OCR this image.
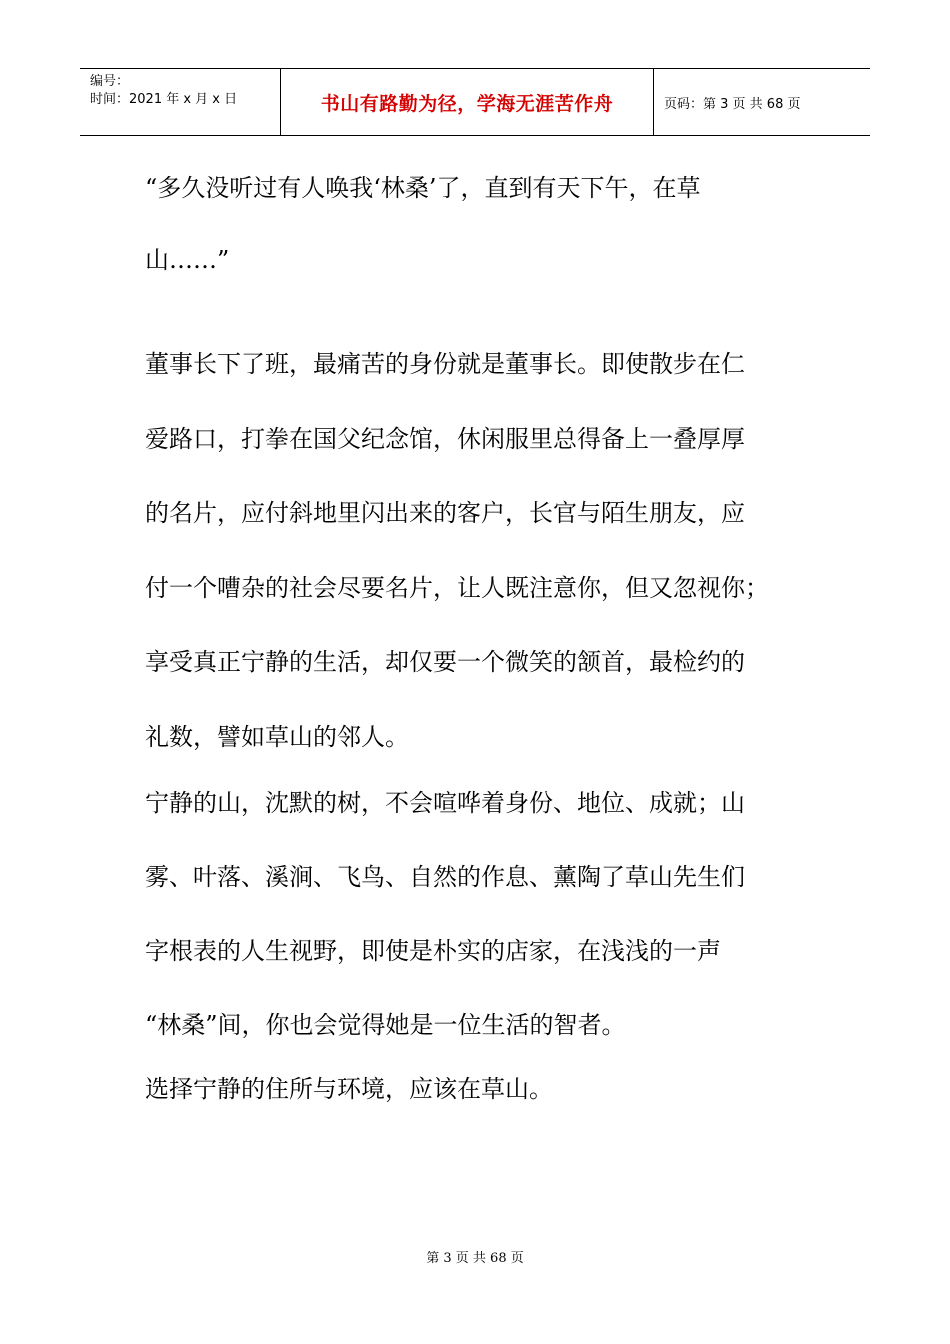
编号：
时间：2021 年 x 月 x 日	书山有路勤为径，学海无涯苦作舟	页码：第 3 页 共 68 页
“多久没听过有人唤我‘林桑’了，直到有天下午，在草
山……”
董事长下了班，最痛苦的身份就是董事长。即使散步在仁
爱路口，打拳在国父纪念馆，休闲服里总得备上一叠厚厚
的名片，应付斜地里闪出来的客户，长官与陌生朋友，应
付一个嘈杂的社会尽要名片，让人既注意你，但又忽视你；
享受真正宁静的生活，却仅要一个微笑的颔首，最检约的
礼数，譬如草山的邻人。
宁静的山，沈默的树，不会喧哗着身份、地位、成就；山
雾、叶落、溪涧、飞鸟、自然的作息、薰陶了草山先生们
字根表的人生视野，即使是朴实的店家，在浅浅的一声
“林桑”间，你也会觉得她是一位生活的智者。
选择宁静的住所与环境，应该在草山。
第 3 页 共 68 页
